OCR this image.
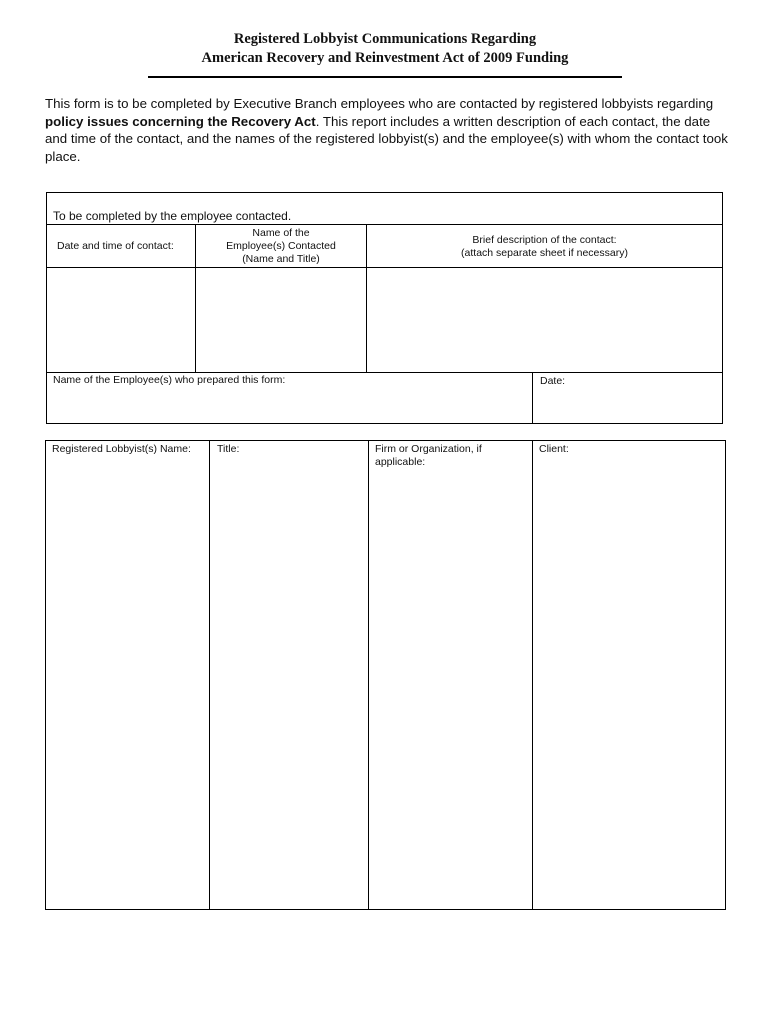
Registered Lobbyist Communications Regarding
American Recovery and Reinvestment Act of 2009 Funding
This form is to be completed by Executive Branch employees who are contacted by registered lobbyists regarding policy issues concerning the Recovery Act. This report includes a written description of each contact, the date and time of the contact, and the names of the registered lobbyist(s) and the employee(s) with whom the contact took place.
To be completed by the employee contacted.
Date and time of contact:
Name of the
Employee(s) Contacted
(Name and Title)
Brief description of the contact:
(attach separate sheet if necessary)
Name of the Employee(s) who prepared this form:	Date:
Registered Lobbyist(s) Name: Title:	Firm or Organization, if
applicable:
Client:
